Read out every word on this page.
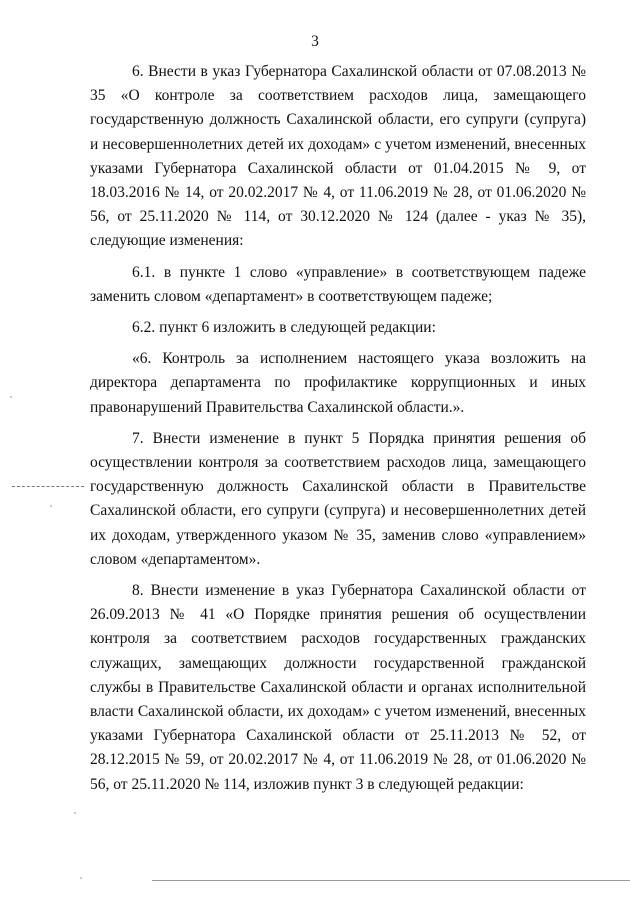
3

6. Внести в указ Губернатора Сахалинской области от 07.08.2013 № 35 «О контроле за соответствием расходов лица, замещающего государственную должность Сахалинской области, его супруги (супруга) и несовершеннолетних детей их доходам» с учетом изменений, внесенных указами Губернатора Сахалинской области от 01.04.2015 № 9, от 18.03.2016 № 14, от 20.02.2017 № 4, от 11.06.2019 № 28, от 01.06.2020 № 56, от 25.11.2020 № 114, от 30.12.2020 № 124 (далее - указ № 35), следующие изменения:

6.1. в пункте 1 слово «управление» в соответствующем падеже заменить словом «департамент» в соответствующем падеже;

6.2. пункт 6 изложить в следующей редакции:

«6. Контроль за исполнением настоящего указа возложить на директора департамента по профилактике коррупционных и иных правонарушений Правительства Сахалинской области.».

7. Внести изменение в пункт 5 Порядка принятия решения об осуществлении контроля за соответствием расходов лица, замещающего государственную должность Сахалинской области в Правительстве Сахалинской области, его супруги (супруга) и несовершеннолетних детей их доходам, утвержденного указом № 35, заменив слово «управлением» словом «департаментом».

8. Внести изменение в указ Губернатора Сахалинской области от 26.09.2013 № 41 «О Порядке принятия решения об осуществлении контроля за соответствием расходов государственных гражданских служащих, замещающих должности государственной гражданской службы в Правительстве Сахалинской области и органах исполнительной власти Сахалинской области, их доходам» с учетом изменений, внесенных указами Губернатора Сахалинской области от 25.11.2013 № 52, от 28.12.2015 № 59, от 20.02.2017 № 4, от 11.06.2019 № 28, от 01.06.2020 № 56, от 25.11.2020 № 114, изложив пункт 3 в следующей редакции:
